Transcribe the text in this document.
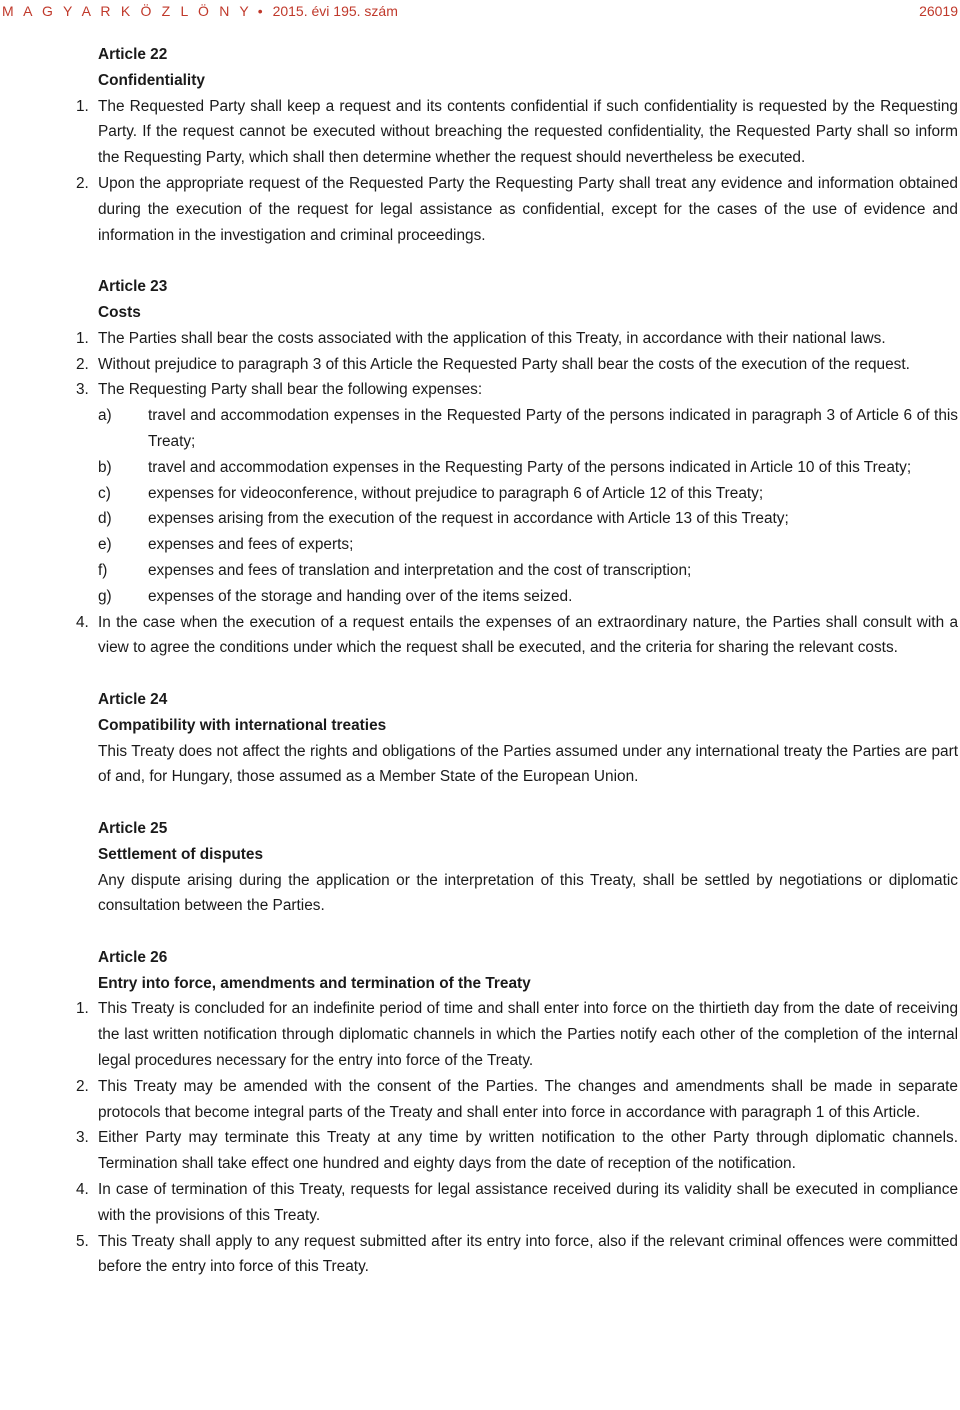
M A G Y A R K Ö Z L Ö N Y • 2015. évi 195. szám	26019
Article 22
Confidentiality
1. The Requested Party shall keep a request and its contents confidential if such confidentiality is requested by the Requesting Party. If the request cannot be executed without breaching the requested confidentiality, the Requested Party shall so inform the Requesting Party, which shall then determine whether the request should nevertheless be executed.
2. Upon the appropriate request of the Requested Party the Requesting Party shall treat any evidence and information obtained during the execution of the request for legal assistance as confidential, except for the cases of the use of evidence and information in the investigation and criminal proceedings.
Article 23
Costs
1. The Parties shall bear the costs associated with the application of this Treaty, in accordance with their national laws.
2. Without prejudice to paragraph 3 of this Article the Requested Party shall bear the costs of the execution of the request.
3. The Requesting Party shall bear the following expenses:
a) travel and accommodation expenses in the Requested Party of the persons indicated in paragraph 3 of Article 6 of this Treaty;
b) travel and accommodation expenses in the Requesting Party of the persons indicated in Article 10 of this Treaty;
c) expenses for videoconference, without prejudice to paragraph 6 of Article 12 of this Treaty;
d) expenses arising from the execution of the request in accordance with Article 13 of this Treaty;
e) expenses and fees of experts;
f)	expenses and fees of translation and interpretation and the cost of transcription;
g) expenses of the storage and handing over of the items seized.
4. In the case when the execution of a request entails the expenses of an extraordinary nature, the Parties shall consult with a view to agree the conditions under which the request shall be executed, and the criteria for sharing the relevant costs.
Article 24
Compatibility with international treaties
This Treaty does not affect the rights and obligations of the Parties assumed under any international treaty the Parties are part of and, for Hungary, those assumed as a Member State of the European Union.
Article 25
Settlement of disputes
Any dispute arising during the application or the interpretation of this Treaty, shall be settled by negotiations or diplomatic consultation between the Parties.
Article 26
Entry into force, amendments and termination of the Treaty
1. This Treaty is concluded for an indefinite period of time and shall enter into force on the thirtieth day from the date of receiving the last written notification through diplomatic channels in which the Parties notify each other of the completion of the internal legal procedures necessary for the entry into force of the Treaty.
2. This Treaty may be amended with the consent of the Parties. The changes and amendments shall be made in separate protocols that become integral parts of the Treaty and shall enter into force in accordance with paragraph 1 of this Article.
3. Either Party may terminate this Treaty at any time by written notification to the other Party through diplomatic channels. Termination shall take effect one hundred and eighty days from the date of reception of the notification.
4. In case of termination of this Treaty, requests for legal assistance received during its validity shall be executed in compliance with the provisions of this Treaty.
5. This Treaty shall apply to any request submitted after its entry into force, also if the relevant criminal offences were committed before the entry into force of this Treaty.
